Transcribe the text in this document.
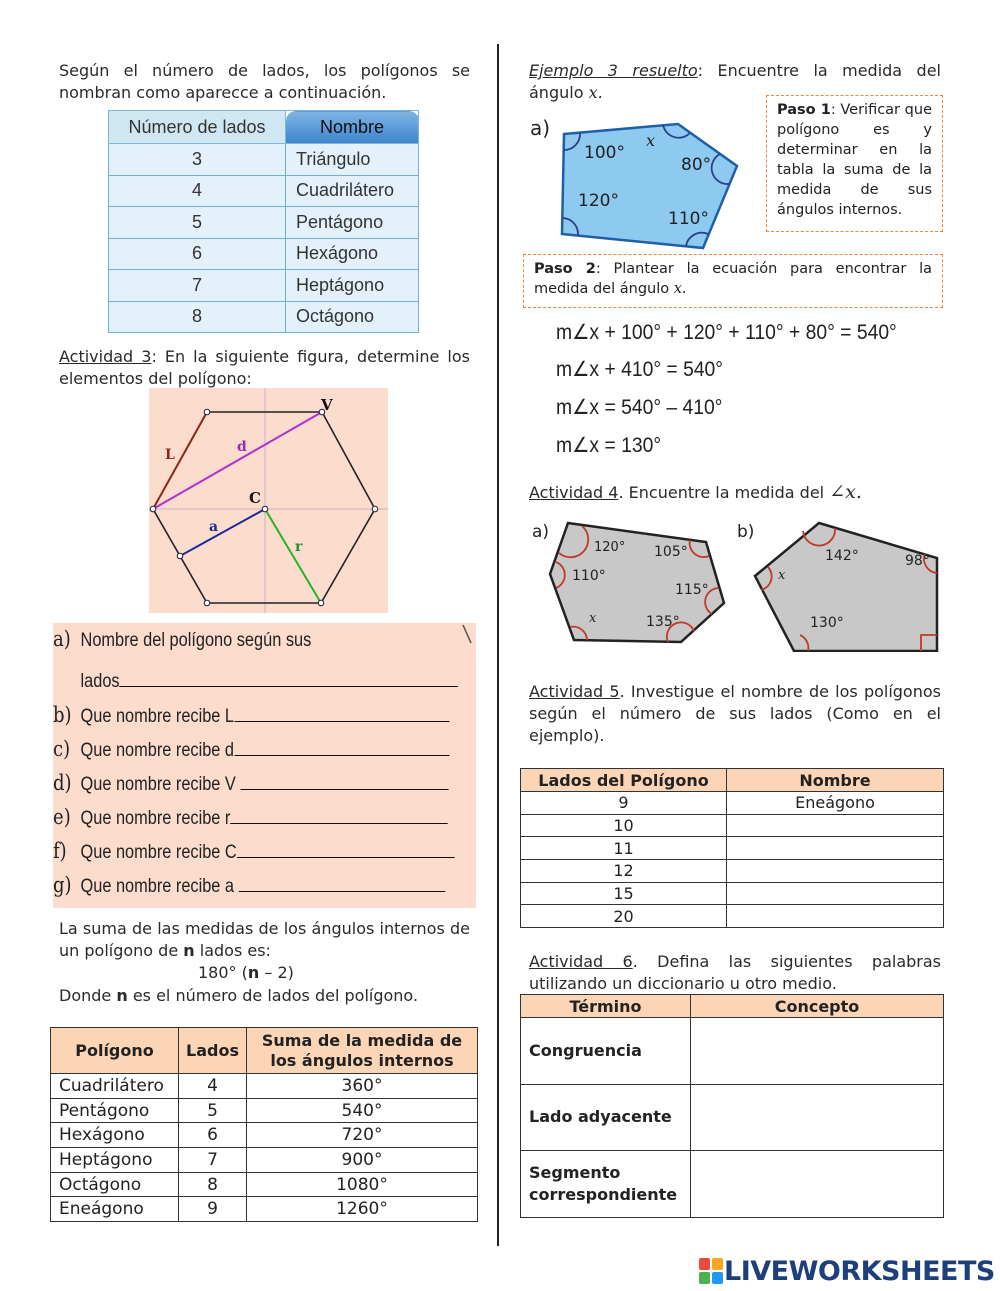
Según el número de lados, los polígonos se nombran como aparecce a continuación.

Número de lados	Nombre
3	Triángulo
4	Cuadrilátero
5	Pentágono
6	Hexágono
7	Heptágono
8	Octágono

Actividad 3: En la siguiente figura, determine los elementos del polígono:

V
L	d
C
a
r
a) Nombre del polígono según sus
lados
b) Que nombre recibe L
c) Que nombre recibe d
d) Que nombre recibe V
e) Que nombre recibe r
f) Que nombre recibe C
g) Que nombre recibe a

La suma de las medidas de los ángulos internos de un polígono de n lados es:

180° (n – 2)

Donde n es el número de lados del polígono.

Polígono	Lados	Suma de la medida de los ángulos internos
Cuadrilátero	4	360°
Pentágono	5	540°
Hexágono	6	720°
Heptágono	7	900°
Octágono	8	1080°
Eneágono	9	1260°

Ejemplo 3 resuelto: Encuentre la medida del ángulo x.

a)
100°
x
80°
110°
120°
Paso 1: Verificar que polígono es y determinar en la tabla la suma de la medida de sus ángulos internos.
Paso 2: Plantear la ecuación para encontrar la medida del ángulo x.
m∠x + 100° + 120° + 110° + 80° = 540°
m∠x + 410° = 540°
m∠x = 540° – 410°
m∠x = 130°

Actividad 4. Encuentre la medida del ∠x.

a)
120° 105°
110°
115°
x	135°
b)
142°	98°
x
130°

Actividad 5. Investigue el nombre de los polígonos según el número de sus lados (Como en el ejemplo).

Lados del Polígono	Nombre
9	Eneágono
10	
11	
12	
15	
20	

Actividad 6. Defina las siguientes palabras utilizando un diccionario u otro medio.

Término	Concepto
Congruencia	
Lado adyacente	
Segmento correspondiente	
LIVEWORKSHEETS
